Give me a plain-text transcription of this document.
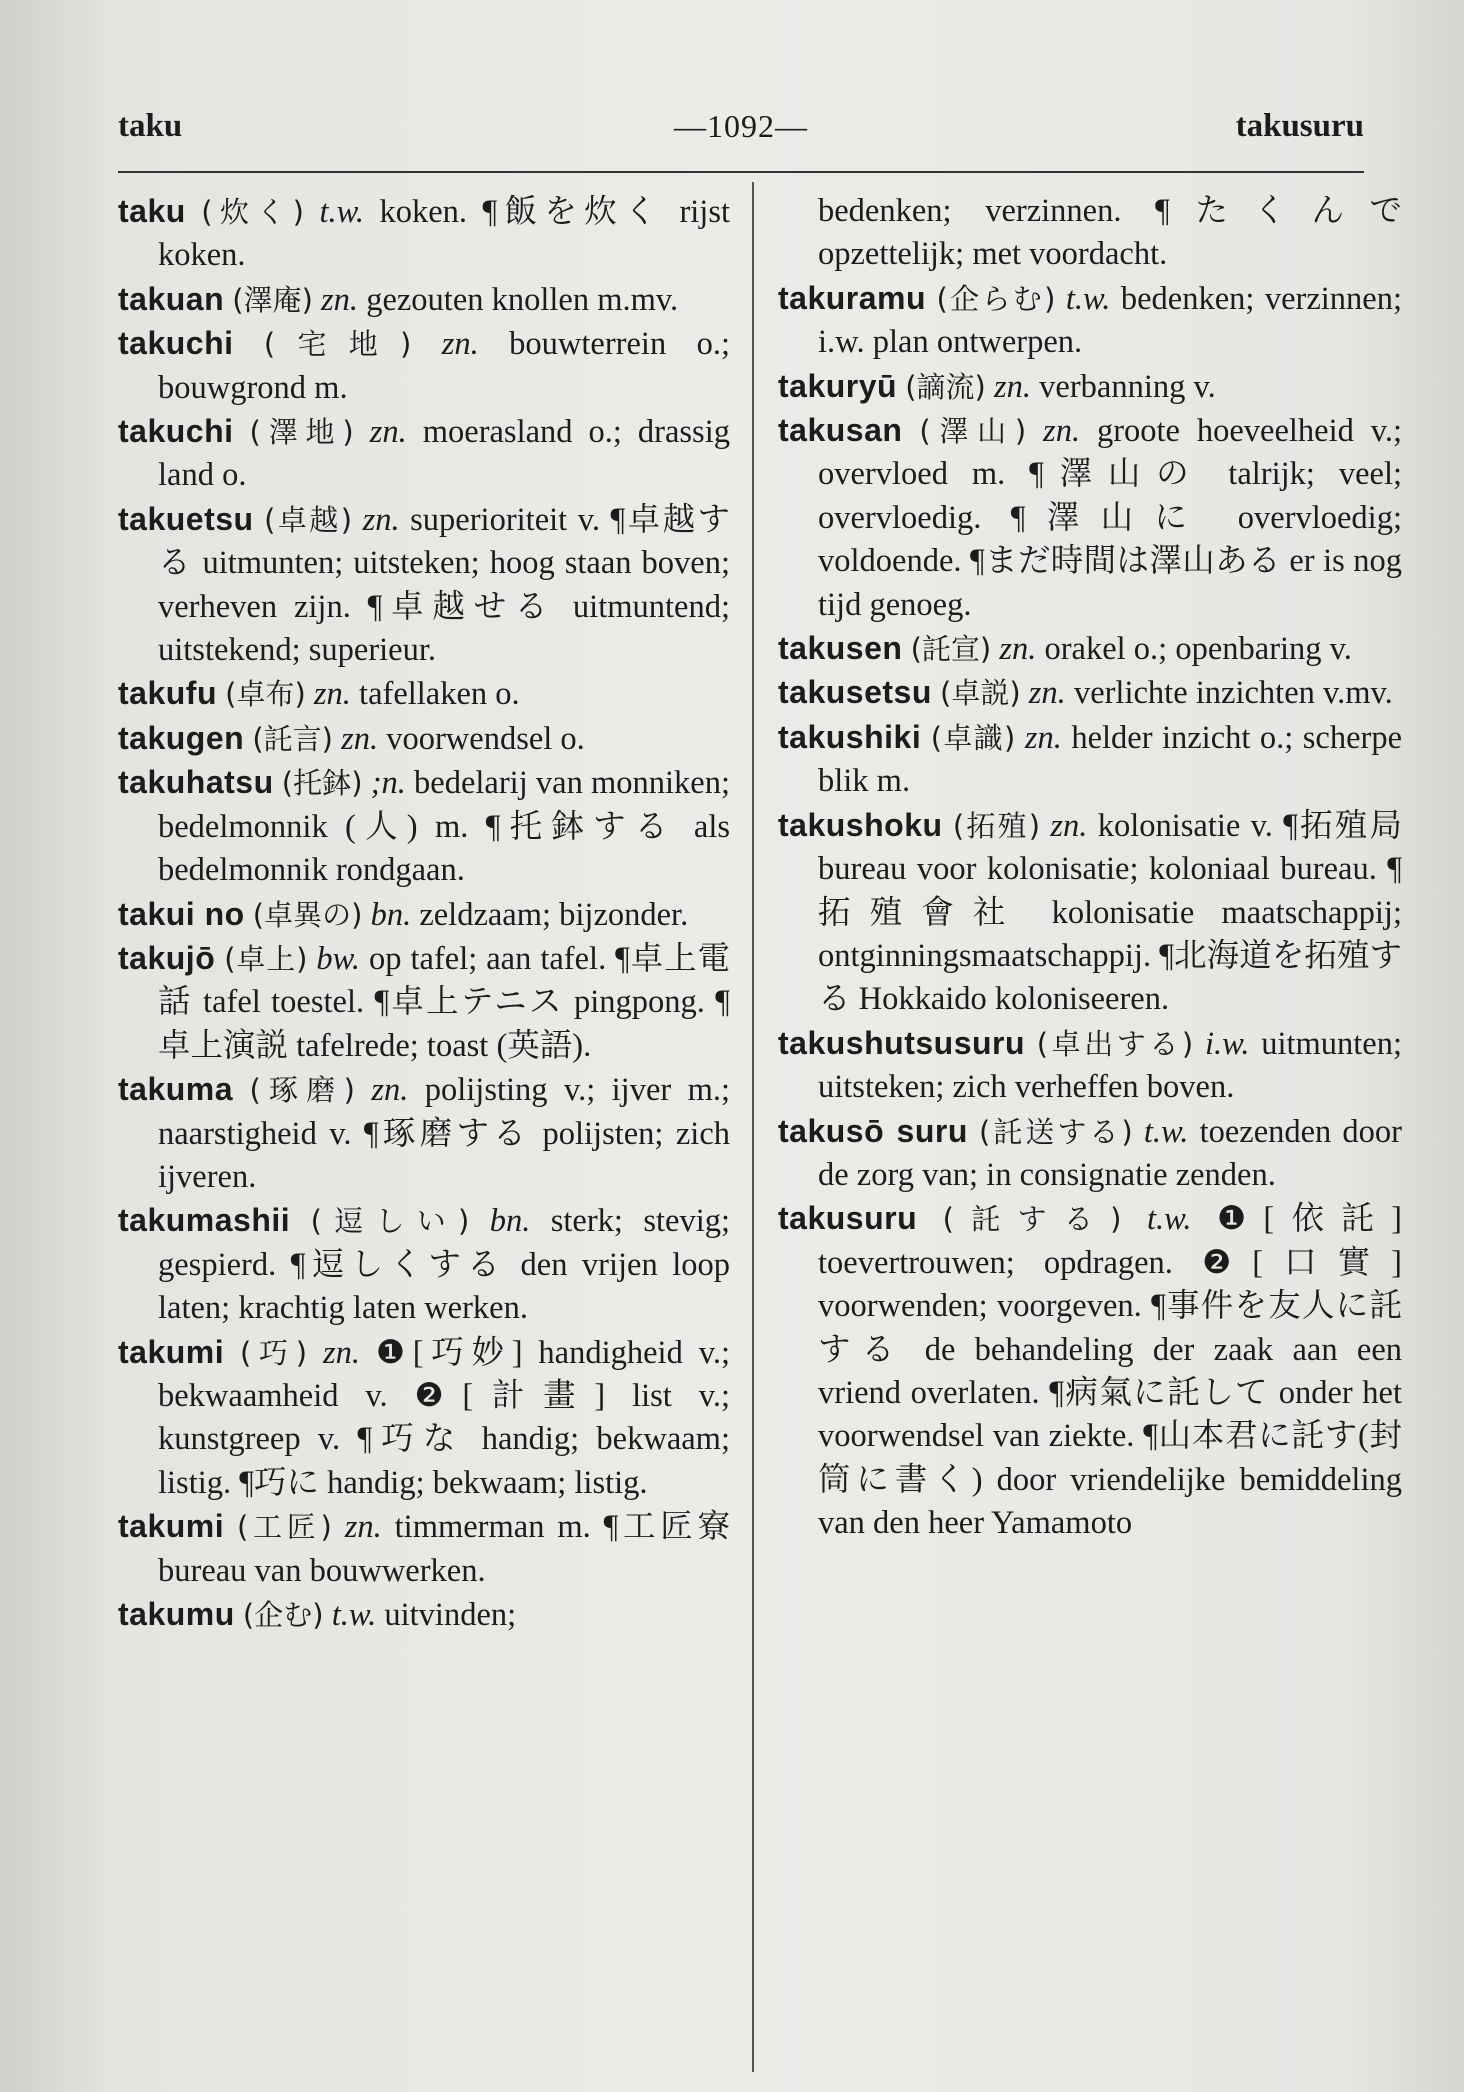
taku	—1092—	takusuru

taku (炊く) t.w. koken. ¶飯を炊く rijst koken.

takuan (澤庵) zn. gezouten knollen m.mv.

takuchi (宅地) zn. bouwterrein o.; bouwgrond m.

takuchi (澤地) zn. moerasland o.; drassig land o.

takuetsu (卓越) zn. superioriteit v. ¶卓越する uitmunten; uitsteken; hoog staan boven; verheven zijn. ¶卓越せる uitmuntend; uitstekend; superieur.

takufu (卓布) zn. tafellaken o.

takugen (託言) zn. voorwendsel o.

takuhatsu (托鉢) ;n. bedelarij van monniken; bedelmonnik (人) m. ¶托鉢する als bedelmonnik rondgaan.

takui no (卓異の) bn. zeldzaam; bijzonder.

takujō (卓上) bw. op tafel; aan tafel. ¶卓上電話 tafel toestel. ¶卓上テニス pingpong. ¶卓上演説 tafelrede; toast (英語).

takuma (琢磨) zn. polijsting v.; ijver m.; naarstigheid v. ¶琢磨する polijsten; zich ijveren.

takumashii (逗しい) bn. sterk; stevig; gespierd. ¶逗しくする den vrijen loop laten; krachtig laten werken.

takumi (巧) zn. ❶[巧妙] handigheid v.; bekwaamheid v. ❷[計畫] list v.; kunstgreep v. ¶巧な handig; bekwaam; listig. ¶巧に handig; bekwaam; listig.

takumi (工匠) zn. timmerman m. ¶工匠寮 bureau van bouwwerken.

takumu (企む) t.w. uitvinden;

bedenken; verzinnen. ¶たくんで opzettelijk; met voordacht.

takuramu (企らむ) t.w. bedenken; verzinnen; i.w. plan ontwerpen.

takuryū (謫流) zn. verbanning v.

takusan (澤山) zn. groote hoeveelheid v.; overvloed m. ¶澤山の talrijk; veel; overvloedig. ¶澤山に overvloedig; voldoende. ¶まだ時間は澤山ある er is nog tijd genoeg.

takusen (託宣) zn. orakel o.; openbaring v.

takusetsu (卓説) zn. verlichte inzichten v.mv.

takushiki (卓識) zn. helder inzicht o.; scherpe blik m.

takushoku (拓殖) zn. kolonisatie v. ¶拓殖局 bureau voor kolonisatie; koloniaal bureau. ¶拓殖會社 kolonisatie maatschappij; ontginningsmaatschappij. ¶北海道を拓殖する Hokkaido koloniseeren.

takushutsusuru (卓出する) i.w. uitmunten; uitsteken; zich verheffen boven.

takusō suru (託送する) t.w. toezenden door de zorg van; in consignatie zenden.

takusuru (託する) t.w. ❶[依託] toevertrouwen; opdragen. ❷[口實] voorwenden; voorgeven. ¶事件を友人に託する de behandeling der zaak aan een vriend overlaten. ¶病氣に託して onder het voorwendsel van ziekte. ¶山本君に託す(封筒に書く) door vriendelijke bemiddeling van den heer Yamamoto
